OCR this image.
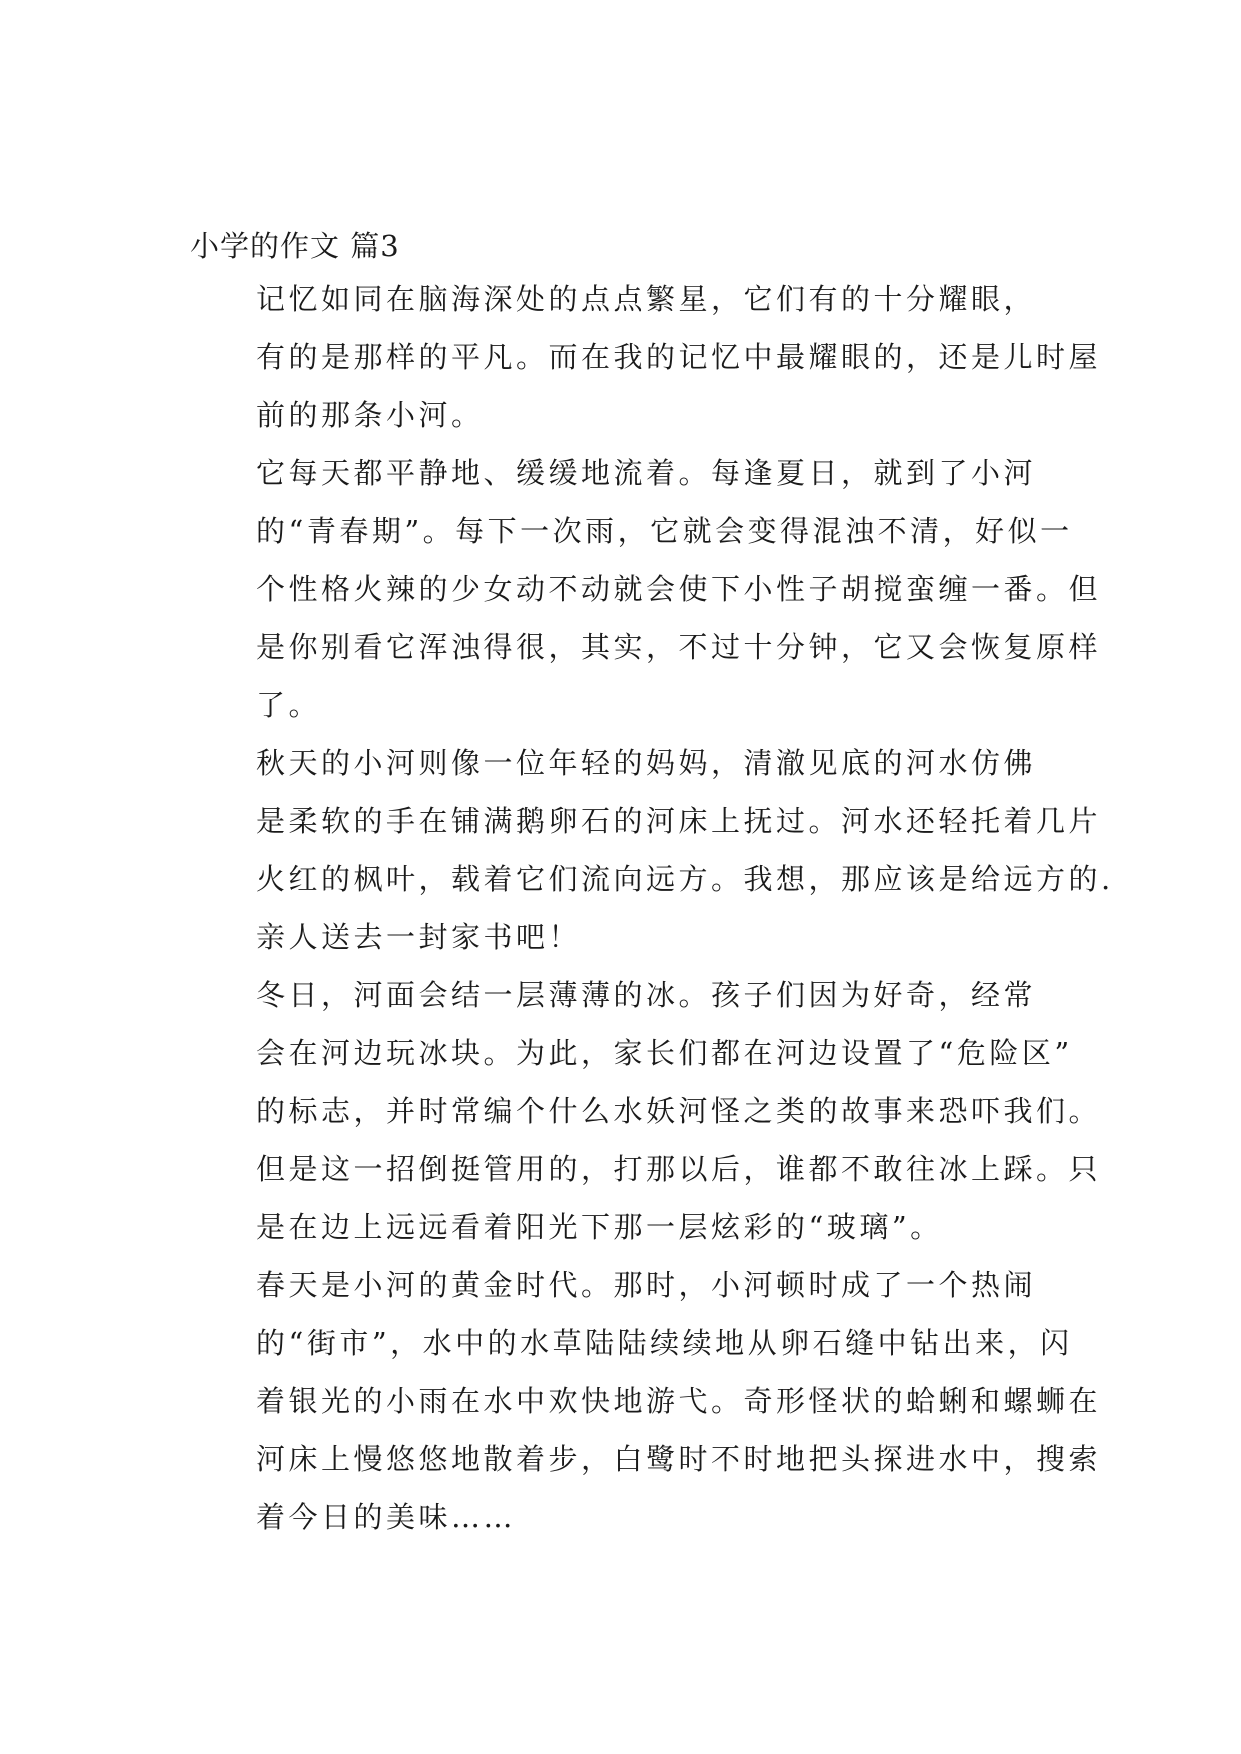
小学的作文 篇3

记忆如同在脑海深处的点点繁星，它们有的十分耀眼，
有的是那样的平凡。而在我的记忆中最耀眼的，还是儿时屋
前的那条小河。

它每天都平静地、缓缓地流着。每逢夏日，就到了小河
的“青春期”。每下一次雨，它就会变得混浊不清，好似一
个性格火辣的少女动不动就会使下小性子胡搅蛮缠一番。但
是你别看它浑浊得很，其实，不过十分钟，它又会恢复原样
了。

秋天的小河则像一位年轻的妈妈，清澈见底的河水仿佛
是柔软的手在铺满鹅卵石的河床上抚过。河水还轻托着几片
火红的枫叶，载着它们流向远方。我想，那应该是给远方的.
亲人送去一封家书吧！

冬日，河面会结一层薄薄的冰。孩子们因为好奇，经常
会在河边玩冰块。为此，家长们都在河边设置了“危险区”
的标志，并时常编个什么水妖河怪之类的故事来恐吓我们。
但是这一招倒挺管用的，打那以后，谁都不敢往冰上踩。只
是在边上远远看着阳光下那一层炫彩的“玻璃”。

春天是小河的黄金时代。那时，小河顿时成了一个热闹
的“街市”，水中的水草陆陆续续地从卵石缝中钻出来，闪
着银光的小雨在水中欢快地游弋。奇形怪状的蛤蜊和螺蛳在
河床上慢悠悠地散着步，白鹭时不时地把头探进水中，搜索
着今日的美味……
